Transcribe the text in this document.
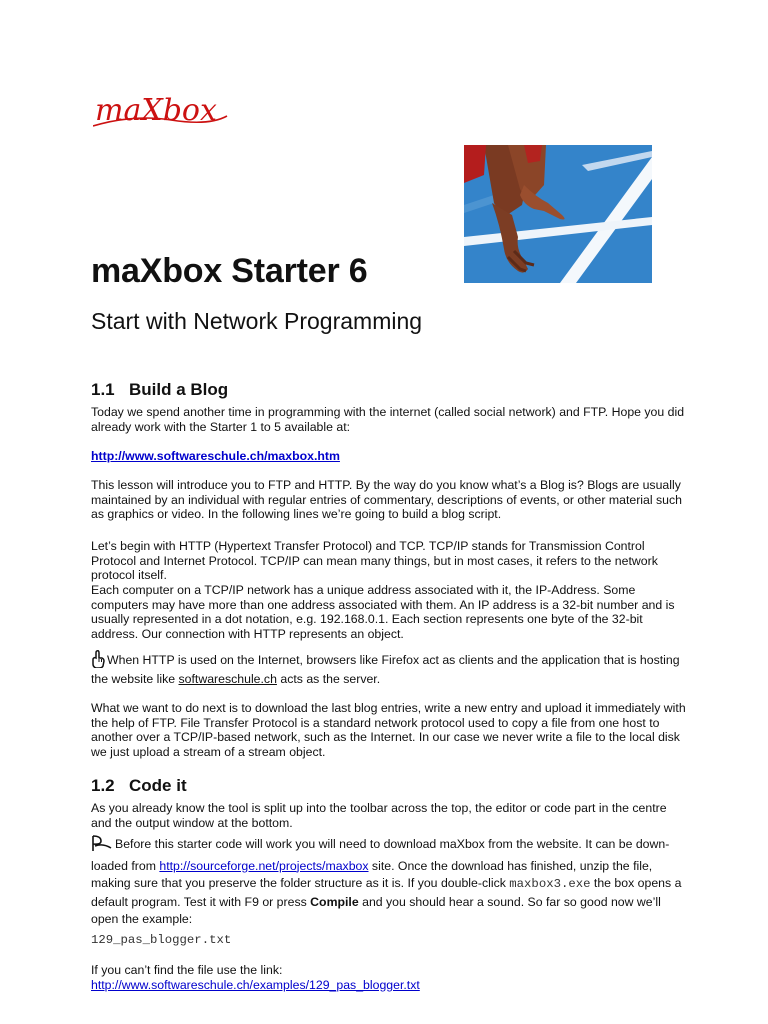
maXbox
maXbox Starter 6
Start with Network Programming
1.1 Build a Blog

Today we spend another time in programming with the internet (called social network) and FTP. Hope you did already work with the Starter 1 to 5 available at:

http://www.softwareschule.ch/maxbox.htm

This lesson will introduce you to FTP and HTTP. By the way do you know what’s a Blog is? Blogs are usually maintained by an individual with regular entries of commentary, descriptions of events, or other material such as graphics or video. In the following lines we’re going to build a blog script.

Let’s begin with HTTP (Hypertext Transfer Protocol) and TCP. TCP/IP stands for Transmission Control Protocol and Internet Protocol. TCP/IP can mean many things, but in most cases, it refers to the network protocol itself.

Each computer on a TCP/IP network has a unique address associated with it, the IP-Address. Some computers may have more than one address associated with them. An IP address is a 32-bit number and is usually represented in a dot notation, e.g. 192.168.0.1. Each section represents one byte of the 32-bit address. Our connection with HTTP represents an object.

When HTTP is used on the Internet, browsers like Firefox act as clients and the application that is hosting the website like softwareschule.ch acts as the server.

What we want to do next is to download the last blog entries, write a new entry and upload it immediately with the help of FTP. File Transfer Protocol is a standard network protocol used to copy a file from one host to another over a TCP/IP-based network, such as the Internet. In our case we never write a file to the local disk we just upload a stream of a stream object.

1.2 Code it

As you already know the tool is split up into the toolbar across the top, the editor or code part in the centre and the output window at the bottom.

Before this starter code will work you will need to download maXbox from the website. It can be down-loaded from http://sourceforge.net/projects/maxbox site. Once the download has finished, unzip the file, making sure that you preserve the folder structure as it is. If you double-click maxbox3.exe the box opens a default program. Test it with F9 or press Compile and you should hear a sound. So far so good now we’ll open the example:

129_pas_blogger.txt

If you can’t find the file use the link:

http://www.softwareschule.ch/examples/129_pas_blogger.txt
